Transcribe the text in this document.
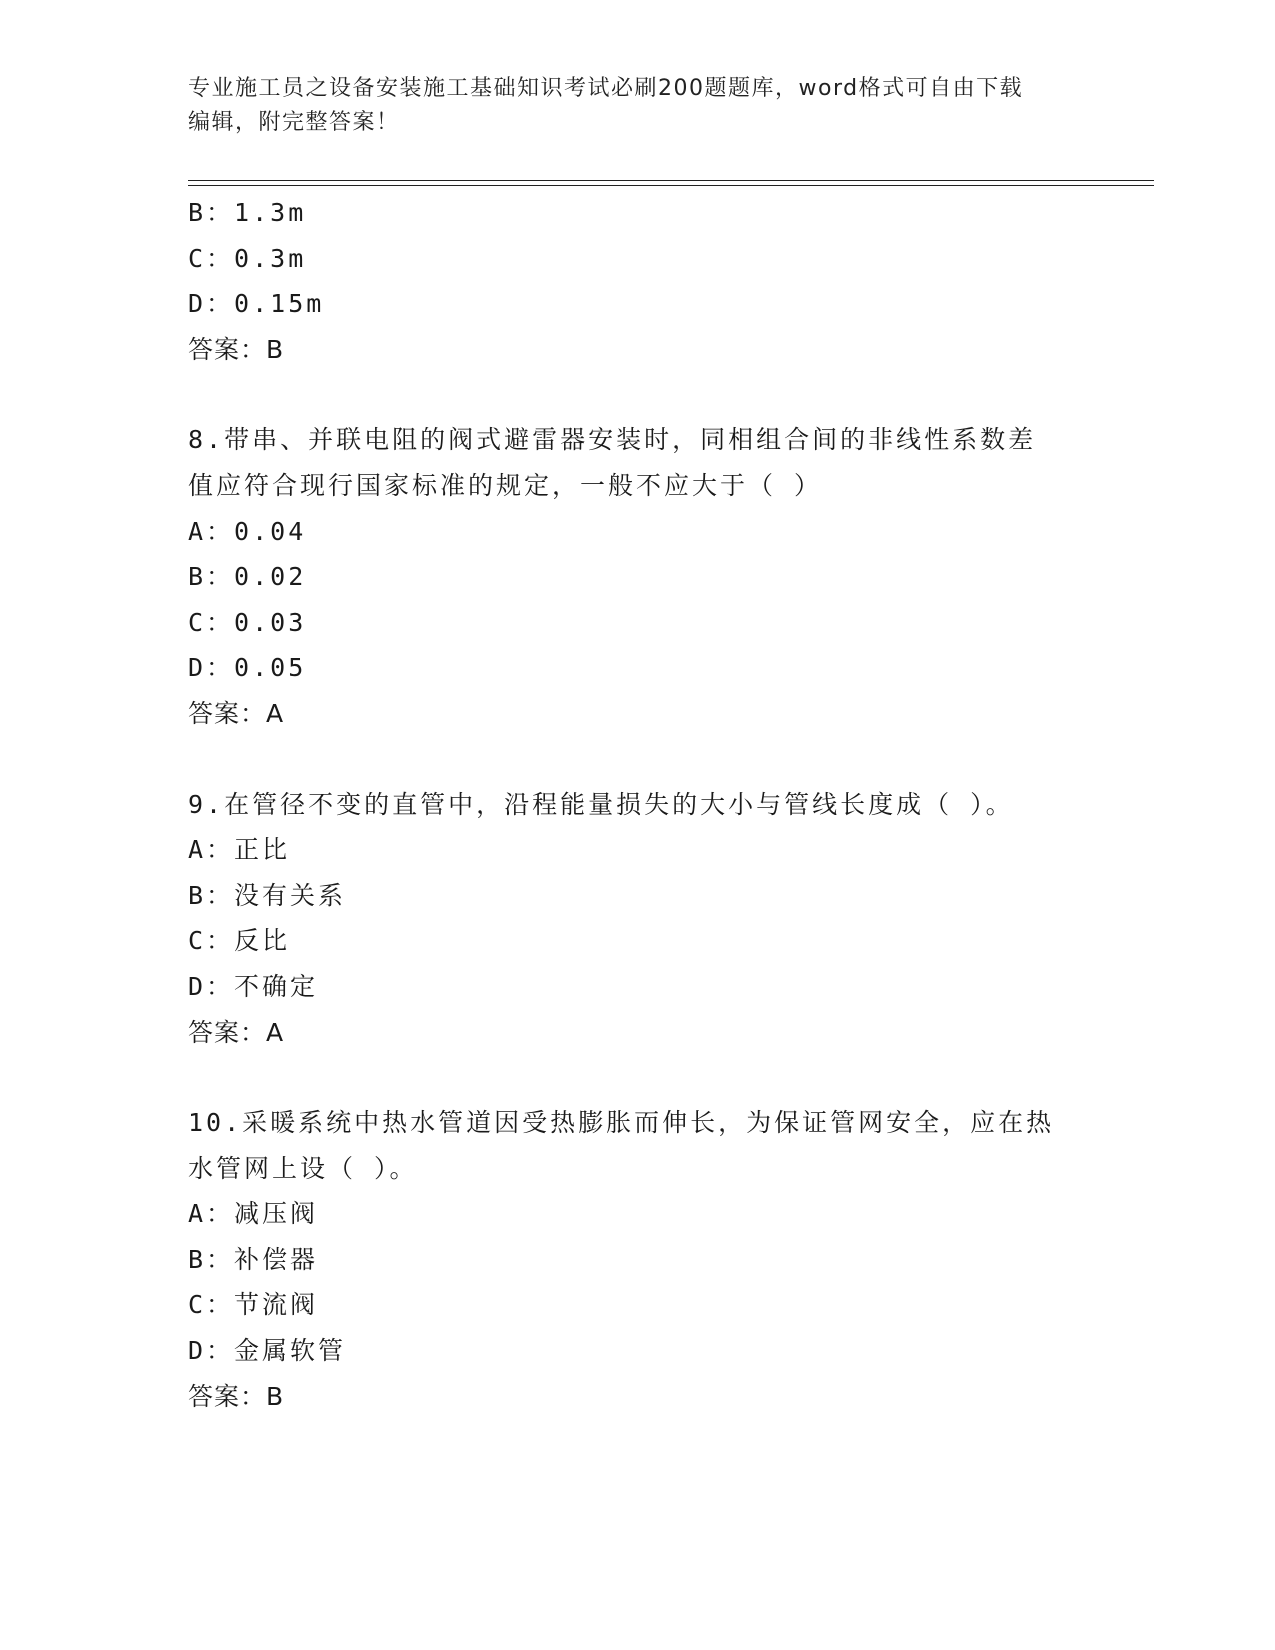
专业施工员之设备安装施工基础知识考试必刷200题题库，word格式可自由下载
编辑，附完整答案！
B：1.3m
C：0.3m
D：0.15m
答案：B
8.带串、并联电阻的阀式避雷器安装时，同相组合间的非线性系数差
值应符合现行国家标准的规定，一般不应大于（ ）
A：0.04
B：0.02
C：0.03
D：0.05
答案：A
9.在管径不变的直管中，沿程能量损失的大小与管线长度成（ ）。
A：正比
B：没有关系
C：反比
D：不确定
答案：A
10.采暖系统中热水管道因受热膨胀而伸长，为保证管网安全，应在热
水管网上设（ ）。
A：减压阀
B：补偿器
C：节流阀
D：金属软管
答案：B
